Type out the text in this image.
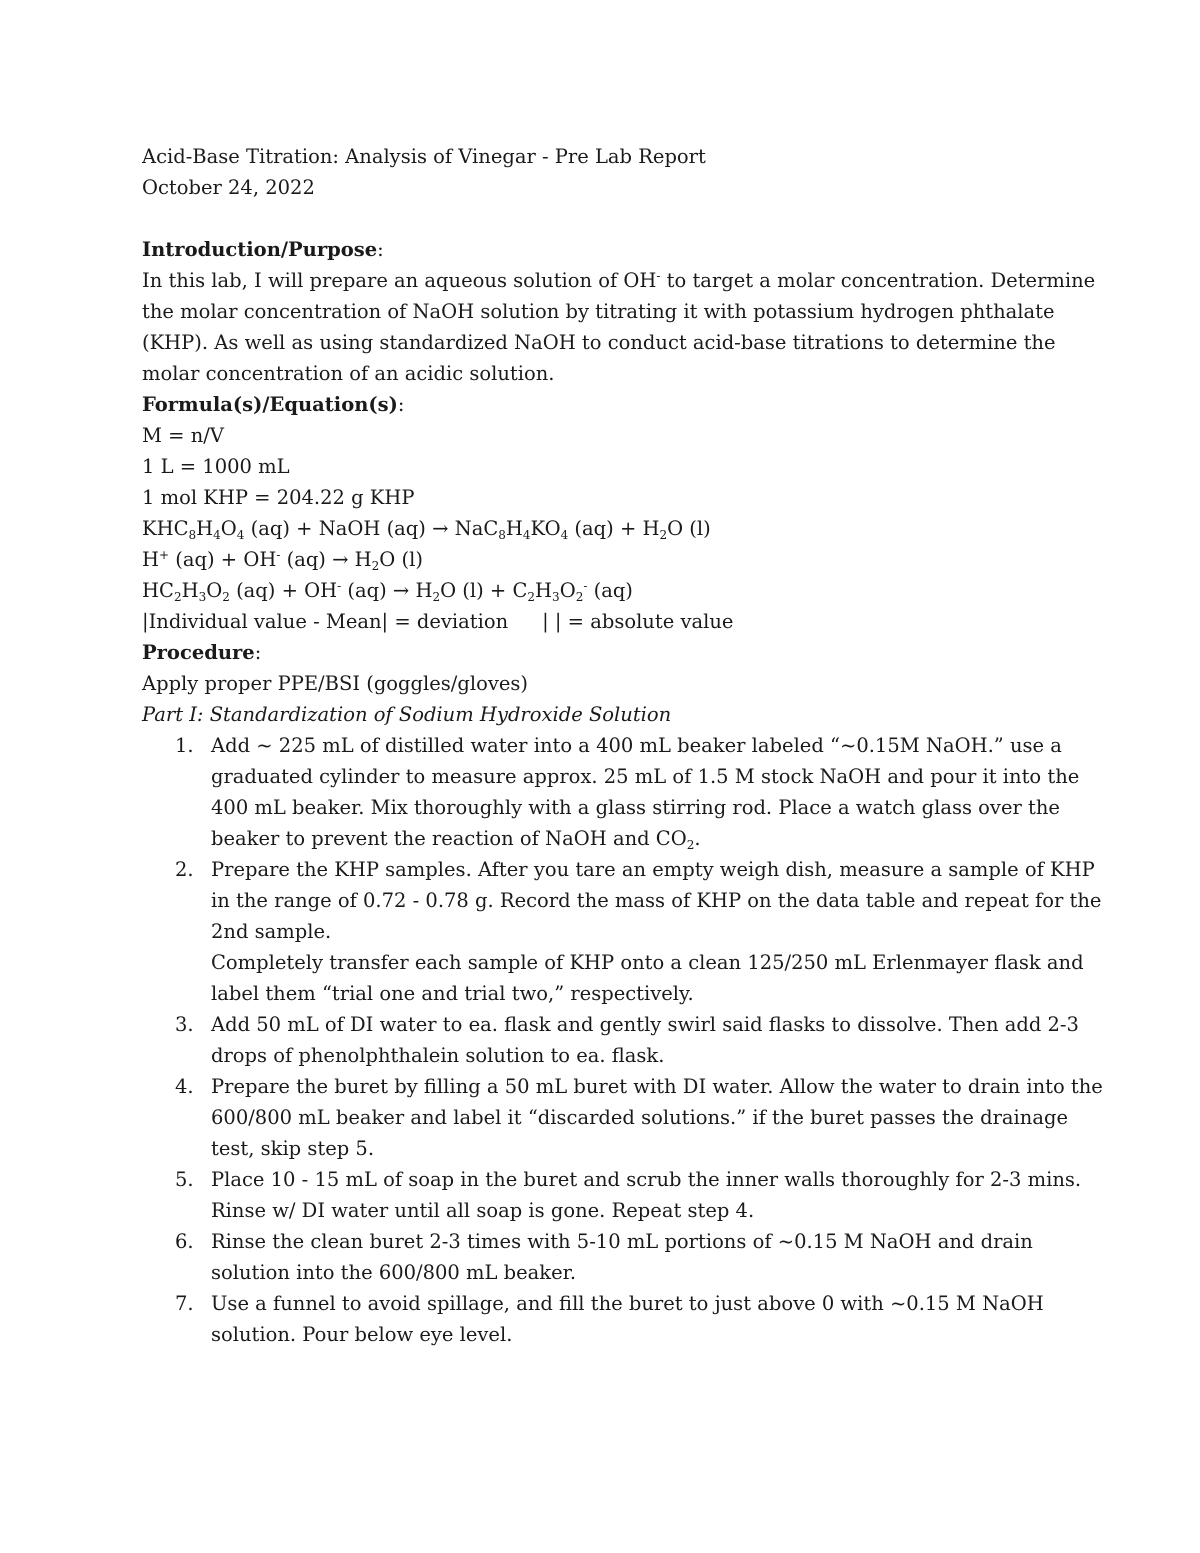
Acid-Base Titration: Analysis of Vinegar - Pre Lab Report
October 24, 2022
Introduction/Purpose:
In this lab, I will prepare an aqueous solution of OH- to target a molar concentration. Determine
the molar concentration of NaOH solution by titrating it with potassium hydrogen phthalate
(KHP). As well as using standardized NaOH to conduct acid-base titrations to determine the
molar concentration of an acidic solution.
Formula(s)/Equation(s):
M = n/V
1 L = 1000 mL
1 mol KHP = 204.22 g KHP
$KHC_8H_4O_4$ (aq) + NaOH $(aq) \to NaC_8H_4KO_4$ $(aq) + H_2O$ (l)
H+ (aq) + OH- $(aq) \to H_2O$ (l)
$HC_2H_3O_2$ (aq) + OH- $(aq) \to H_2O$ $(l) + C_2H_3O_2^-$ (aq)
|Individual value - Mean| = deviation | | = absolute value
Procedure:
Apply proper PPE/BSI (goggles/gloves)
Part I: Standardization of Sodium Hydroxide Solution
1. Add ~ 225 mL of distilled water into a 400 mL beaker labeled “~0.15M NaOH.” use a
graduated cylinder to measure approx. 25 mL of 1.5 M stock NaOH and pour it into the
400 mL beaker. Mix thoroughly with a glass stirring rod. Place a watch glass over the
beaker to prevent the reaction of NaOH and $CO_2$.
2. Prepare the KHP samples. After you tare an empty weigh dish, measure a sample of KHP
in the range of 0.72 - 0.78 g. Record the mass of KHP on the data table and repeat for the
2nd sample.
Completely transfer each sample of KHP onto a clean 125/250 mL Erlenmayer flask and
label them “trial one and trial two,” respectively.
3. Add 50 mL of DI water to ea. flask and gently swirl said flasks to dissolve. Then add 2-3
drops of phenolphthalein solution to ea. flask.
4. Prepare the buret by filling a 50 mL buret with DI water. Allow the water to drain into the
600/800 mL beaker and label it “discarded solutions.” if the buret passes the drainage
test, skip step 5.
5. Place 10 - 15 mL of soap in the buret and scrub the inner walls thoroughly for 2-3 mins.
Rinse w/ DI water until all soap is gone. Repeat step 4.
6. Rinse the clean buret 2-3 times with 5-10 mL portions of ~0.15 M NaOH and drain
solution into the 600/800 mL beaker.
7. Use a funnel to avoid spillage, and fill the buret to just above 0 with ~0.15 M NaOH
solution. Pour below eye level.
